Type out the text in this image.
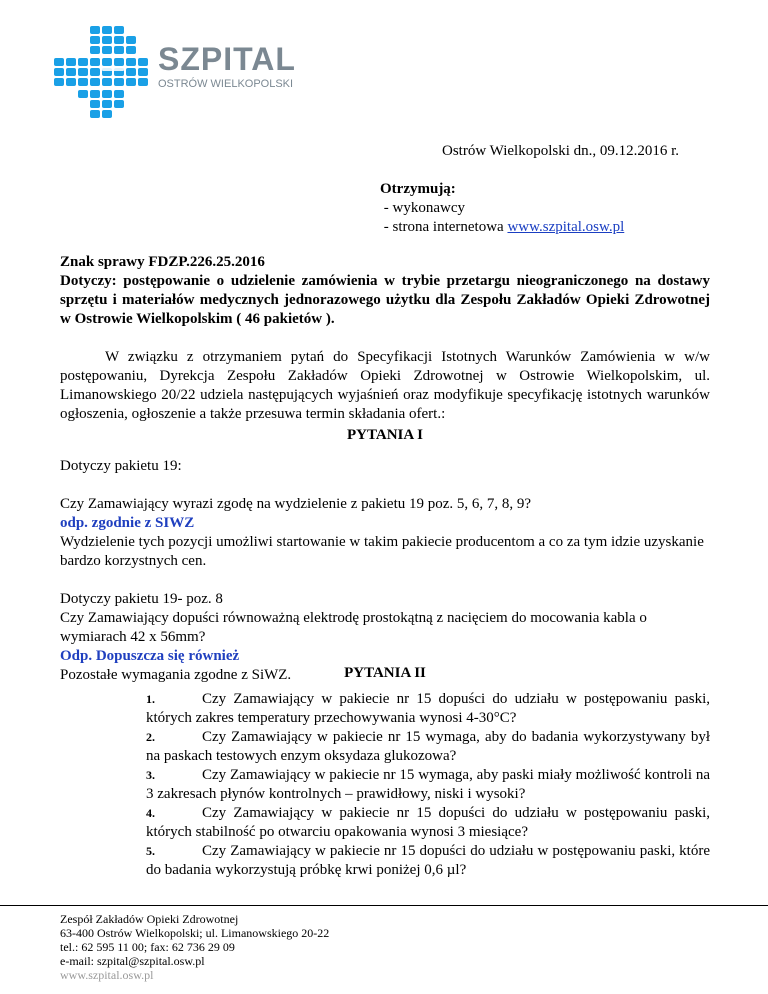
SZPITAL
OSTRÓW WIELKOPOLSKI
Ostrów Wielkopolski dn., 09.12.2016 r.
Otrzymują:
- wykonawcy
- strona internetowa www.szpital.osw.pl
Znak sprawy FDZP.226.25.2016
Dotyczy: postępowanie o udzielenie zamówienia w trybie przetargu nieograniczonego na dostawy sprzętu i materiałów medycznych jednorazowego użytku dla Zespołu Zakładów Opieki Zdrowotnej w Ostrowie Wielkopolskim ( 46 pakietów ).
W związku z otrzymaniem pytań do Specyfikacji Istotnych Warunków Zamówienia w w/w postępowaniu, Dyrekcja Zespołu Zakładów Opieki Zdrowotnej w Ostrowie Wielkopolskim, ul. Limanowskiego 20/22 udziela następujących wyjaśnień oraz modyfikuje specyfikację istotnych warunków ogłoszenia, ogłoszenie a także przesuwa termin składania ofert.:
PYTANIA I
Dotyczy pakietu 19:
Czy Zamawiający wyrazi zgodę na wydzielenie z pakietu 19 poz. 5, 6, 7, 8, 9?
odp. zgodnie z SIWZ
Wydzielenie tych pozycji umożliwi startowanie w takim pakiecie producentom a co za tym idzie uzyskanie bardzo korzystnych cen.
Dotyczy pakietu 19- poz. 8
Czy Zamawiający dopuści równoważną elektrodę prostokątną z nacięciem do mocowania kabla o wymiarach 42 x 56mm?
Odp. Dopuszcza się również
Pozostałe wymagania zgodne z SiWZ.	PYTANIA II
1.	Czy Zamawiający w pakiecie nr 15 dopuści do udziału w postępowaniu paski, których zakres temperatury przechowywania wynosi 4-30°C?
2.	Czy Zamawiający w pakiecie nr 15 wymaga, aby do badania wykorzystywany był na paskach testowych enzym oksydaza glukozowa?
3.	Czy Zamawiający w pakiecie nr 15 wymaga, aby paski miały możliwość kontroli na 3 zakresach płynów kontrolnych – prawidłowy, niski i wysoki?
4.	Czy Zamawiający w pakiecie nr 15 dopuści do udziału w postępowaniu paski, których stabilność po otwarciu opakowania wynosi 3 miesiące?
5.	Czy Zamawiający w pakiecie nr 15 dopuści do udziału w postępowaniu paski, które do badania wykorzystują próbkę krwi poniżej 0,6 µl?
Zespół Zakładów Opieki Zdrowotnej
63-400 Ostrów Wielkopolski; ul. Limanowskiego 20-22
tel.: 62 595 11 00; fax: 62 736 29 09
e-mail: szpital@szpital.osw.pl
www.szpital.osw.pl
